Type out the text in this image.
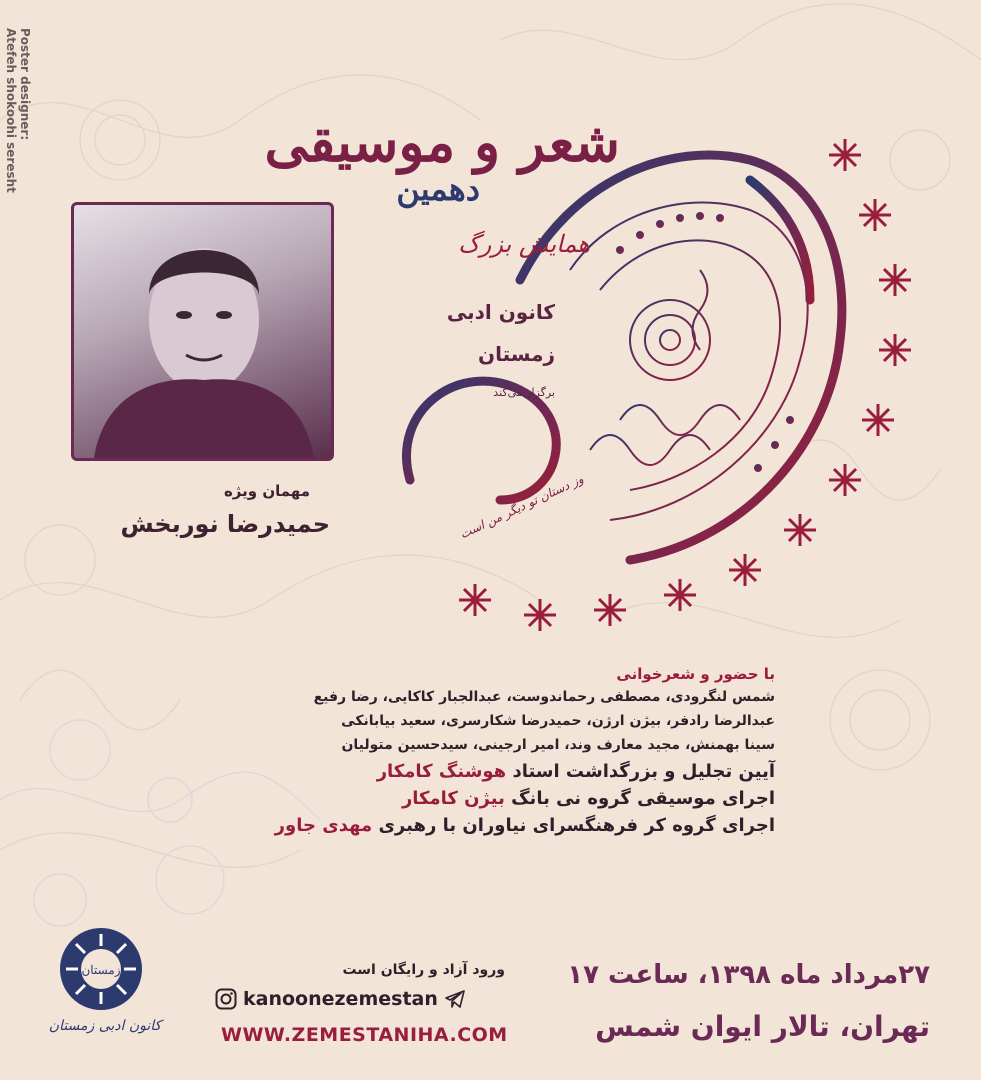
Poster designer:
Atefeh shokoohi seresht	شعر و موسیقی
دهمین
همایش بزرگ
کانون ادبی
زمستان
برگزار می‌کند
وز دستان تو دیگر من است
مهمان ویژه
حمیدرضا نوربخش
با حضور و شعرخوانی
شمس لنگرودی، مصطفی رحماندوست، عبدالجبار کاکایی، رضا رفیع
عبدالرضا رادفر، بیژن ارژن، حمیدرضا شکارسری، سعید بیابانکی
سینا بهمنش، مجید معارف وند، امیر ارجینی، سیدحسین متولیان
آیین تجلیل و بزرگداشت استاد هوشنگ کامکار
اجرای موسیقی گروه نی بانگ بیژن کامکار
اجرای گروه کر فرهنگسرای نیاوران با رهبری مهدی جاور
زمستان
کانون ادبی زمستان
ورود آزاد و رایگان است
kanoonezemestan
WWW.ZEMESTANIHA.COM
۲۷مرداد ماه ۱۳۹۸، ساعت ۱۷
تهران، تالار ایوان شمس
